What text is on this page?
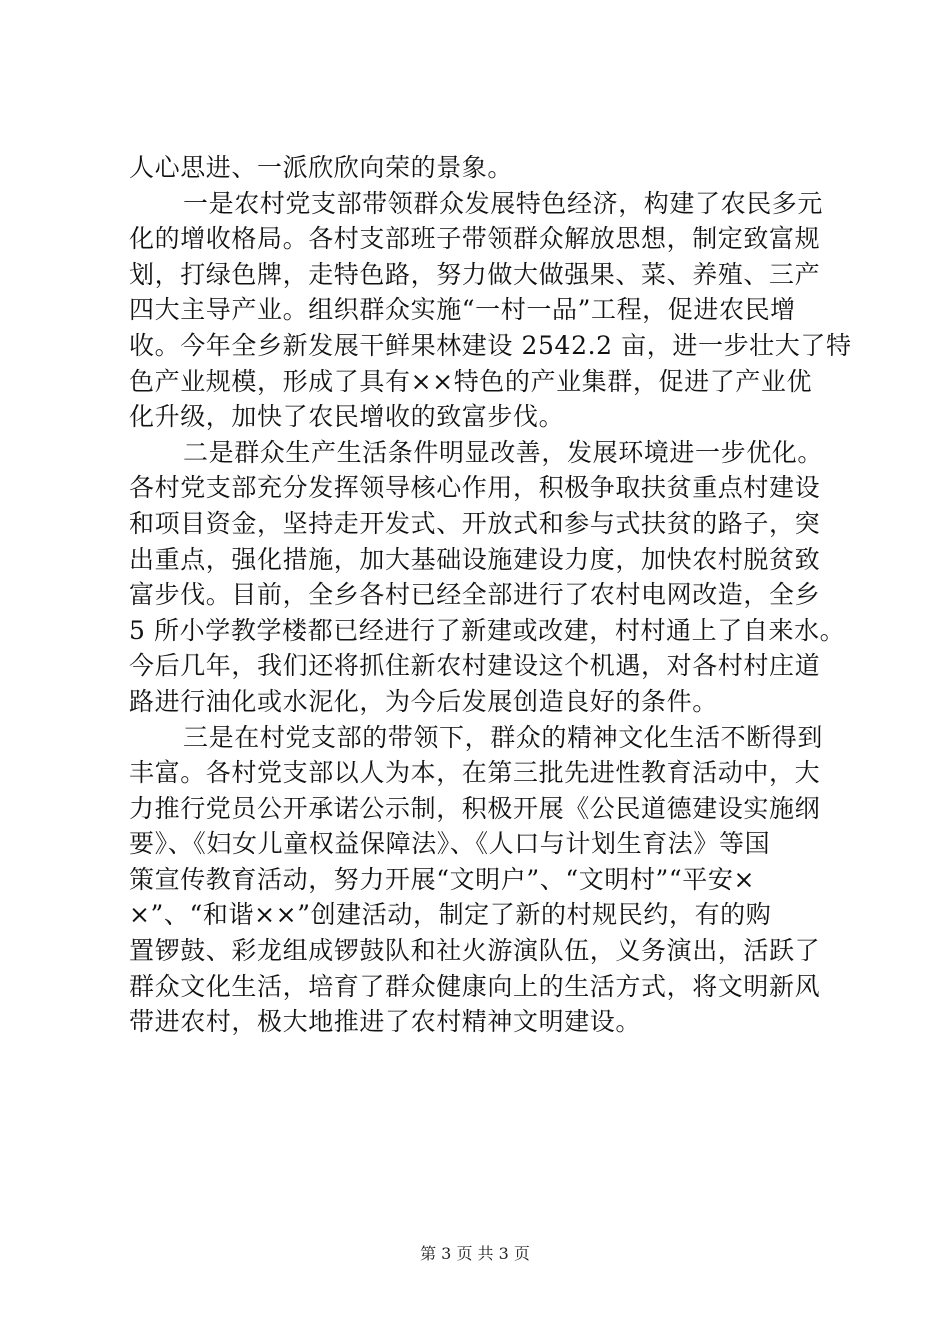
人心思进、一派欣欣向荣的景象。
一是农村党支部带领群众发展特色经济，构建了农民多元
化的增收格局。各村支部班子带领群众解放思想，制定致富规
划，打绿色牌，走特色路，努力做大做强果、菜、养殖、三产
四大主导产业。组织群众实施“一村一品”工程，促进农民增
收。今年全乡新发展干鲜果林建设 2542.2 亩，进一步壮大了特
色产业规模，形成了具有××特色的产业集群，促进了产业优
化升级，加快了农民增收的致富步伐。
二是群众生产生活条件明显改善，发展环境进一步优化。
各村党支部充分发挥领导核心作用，积极争取扶贫重点村建设
和项目资金，坚持走开发式、开放式和参与式扶贫的路子，突
出重点，强化措施，加大基础设施建设力度，加快农村脱贫致
富步伐。目前，全乡各村已经全部进行了农村电网改造，全乡
5 所小学教学楼都已经进行了新建或改建，村村通上了自来水。
今后几年，我们还将抓住新农村建设这个机遇，对各村村庄道
路进行油化或水泥化，为今后发展创造良好的条件。
三是在村党支部的带领下，群众的精神文化生活不断得到
丰富。各村党支部以人为本，在第三批先进性教育活动中，大
力推行党员公开承诺公示制，积极开展《公民道德建设实施纲
要》、《妇女儿童权益保障法》、《人口与计划生育法》等国
策宣传教育活动，努力开展“文明户”、“文明村”“平安×
×”、“和谐××”创建活动，制定了新的村规民约，有的购
置锣鼓、彩龙组成锣鼓队和社火游演队伍，义务演出，活跃了
群众文化生活，培育了群众健康向上的生活方式，将文明新风
带进农村，极大地推进了农村精神文明建设。
第 3 页 共 3 页
